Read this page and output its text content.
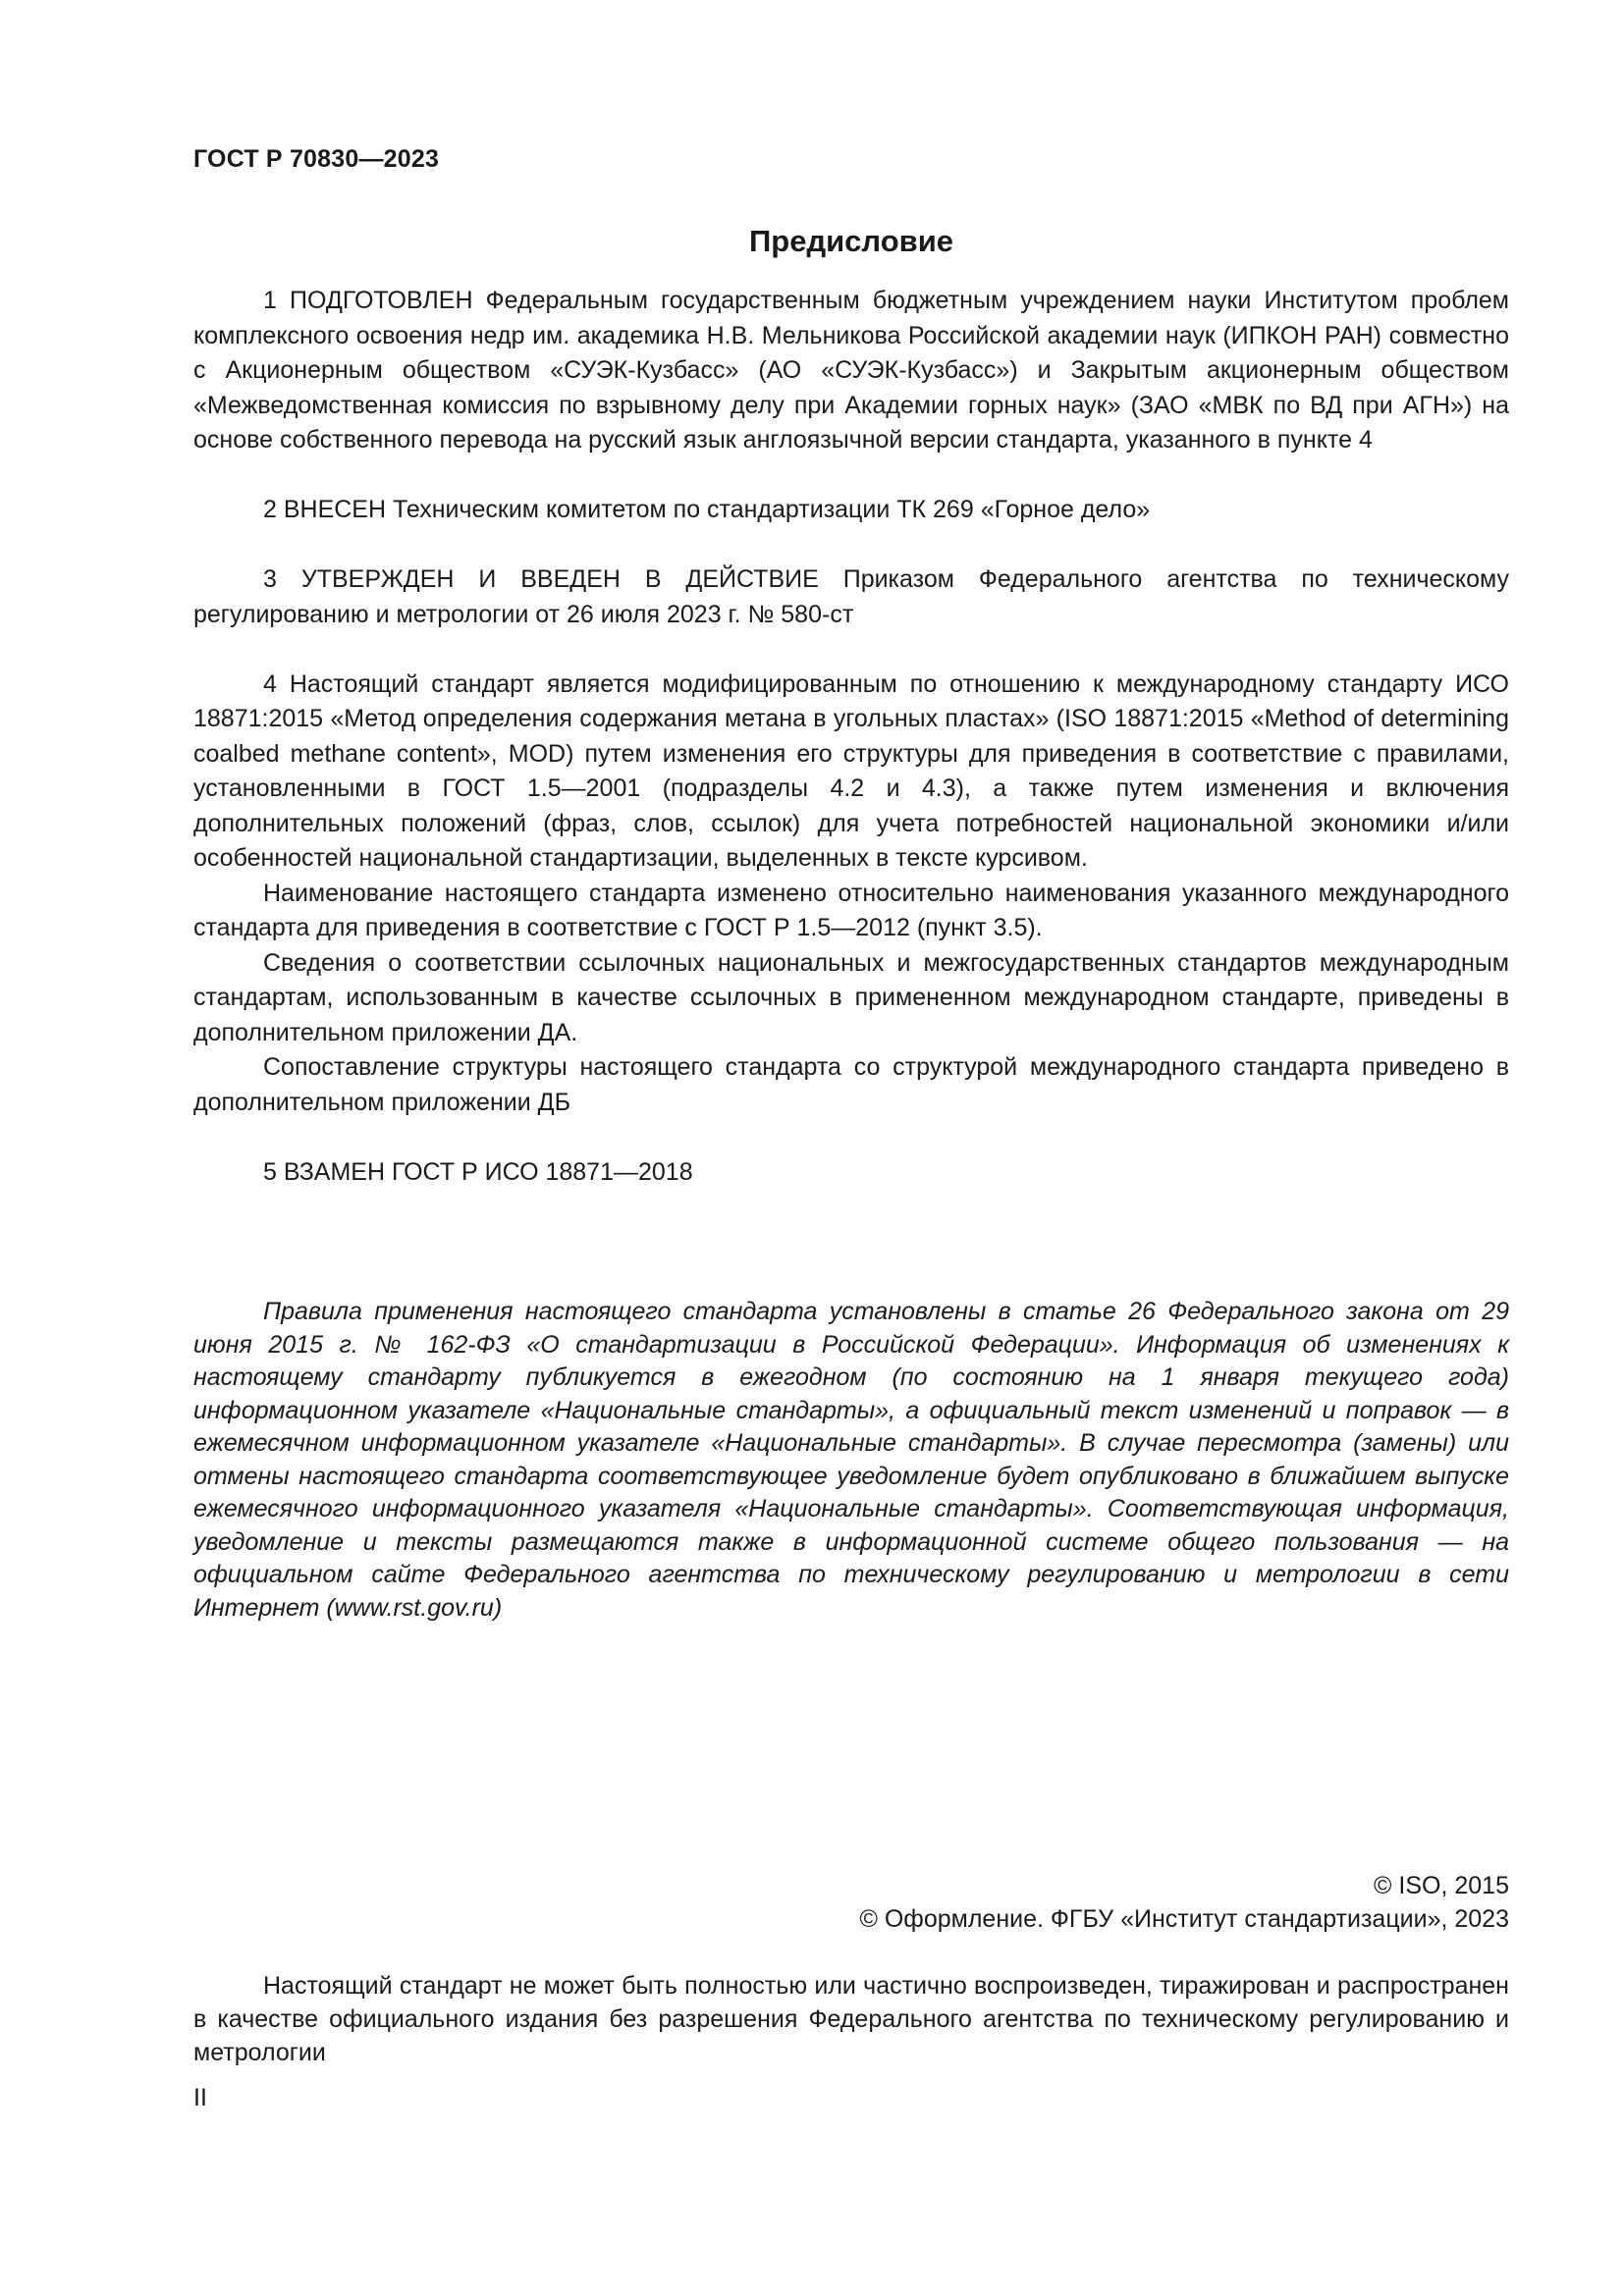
ГОСТ Р 70830—2023
Предисловие

1 ПОДГОТОВЛЕН Федеральным государственным бюджетным учреждением науки Институтом проблем комплексного освоения недр им. академика Н.В. Мельникова Российской академии наук (ИПКОН РАН) совместно с Акционерным обществом «СУЭК-Кузбасс» (АО «СУЭК-Кузбасс») и Закрытым акционерным обществом «Межведомственная комиссия по взрывному делу при Академии горных наук» (ЗАО «МВК по ВД при АГН») на основе собственного перевода на русский язык англоязычной версии стандарта, указанного в пункте 4

2 ВНЕСЕН Техническим комитетом по стандартизации ТК 269 «Горное дело»

3 УТВЕРЖДЕН И ВВЕДЕН В ДЕЙСТВИЕ Приказом Федерального агентства по техническому регулированию и метрологии от 26 июля 2023 г. № 580-ст

4 Настоящий стандарт является модифицированным по отношению к международному стандарту ИСО 18871:2015 «Метод определения содержания метана в угольных пластах» (ISO 18871:2015 «Method of determining coalbed methane content», MOD) путем изменения его структуры для приведения в соответствие с правилами, установленными в ГОСТ 1.5—2001 (подразделы 4.2 и 4.3), а также путем изменения и включения дополнительных положений (фраз, слов, ссылок) для учета потребностей национальной экономики и/или особенностей национальной стандартизации, выделенных в тексте курсивом.

Наименование настоящего стандарта изменено относительно наименования указанного международного стандарта для приведения в соответствие с ГОСТ Р 1.5—2012 (пункт 3.5).

Сведения о соответствии ссылочных национальных и межгосударственных стандартов международным стандартам, использованным в качестве ссылочных в примененном международном стандарте, приведены в дополнительном приложении ДА.

Сопоставление структуры настоящего стандарта со структурой международного стандарта приведено в дополнительном приложении ДБ

5 ВЗАМЕН ГОСТ Р ИСО 18871—2018

Правила применения настоящего стандарта установлены в статье 26 Федерального закона от 29 июня 2015 г. № 162-ФЗ «О стандартизации в Российской Федерации». Информация об изменениях к настоящему стандарту публикуется в ежегодном (по состоянию на 1 января текущего года) информационном указателе «Национальные стандарты», а официальный текст изменений и поправок — в ежемесячном информационном указателе «Национальные стандарты». В случае пересмотра (замены) или отмены настоящего стандарта соответствующее уведомление будет опубликовано в ближайшем выпуске ежемесячного информационного указателя «Национальные стандарты». Соответствующая информация, уведомление и тексты размещаются также в информационной системе общего пользования — на официальном сайте Федерального агентства по техническому регулированию и метрологии в сети Интернет (www.rst.gov.ru)
© ISO, 2015
© Оформление. ФГБУ «Институт стандартизации», 2023
Настоящий стандарт не может быть полностью или частично воспроизведен, тиражирован и распространен в качестве официального издания без разрешения Федерального агентства по техническому регулированию и метрологии
II
